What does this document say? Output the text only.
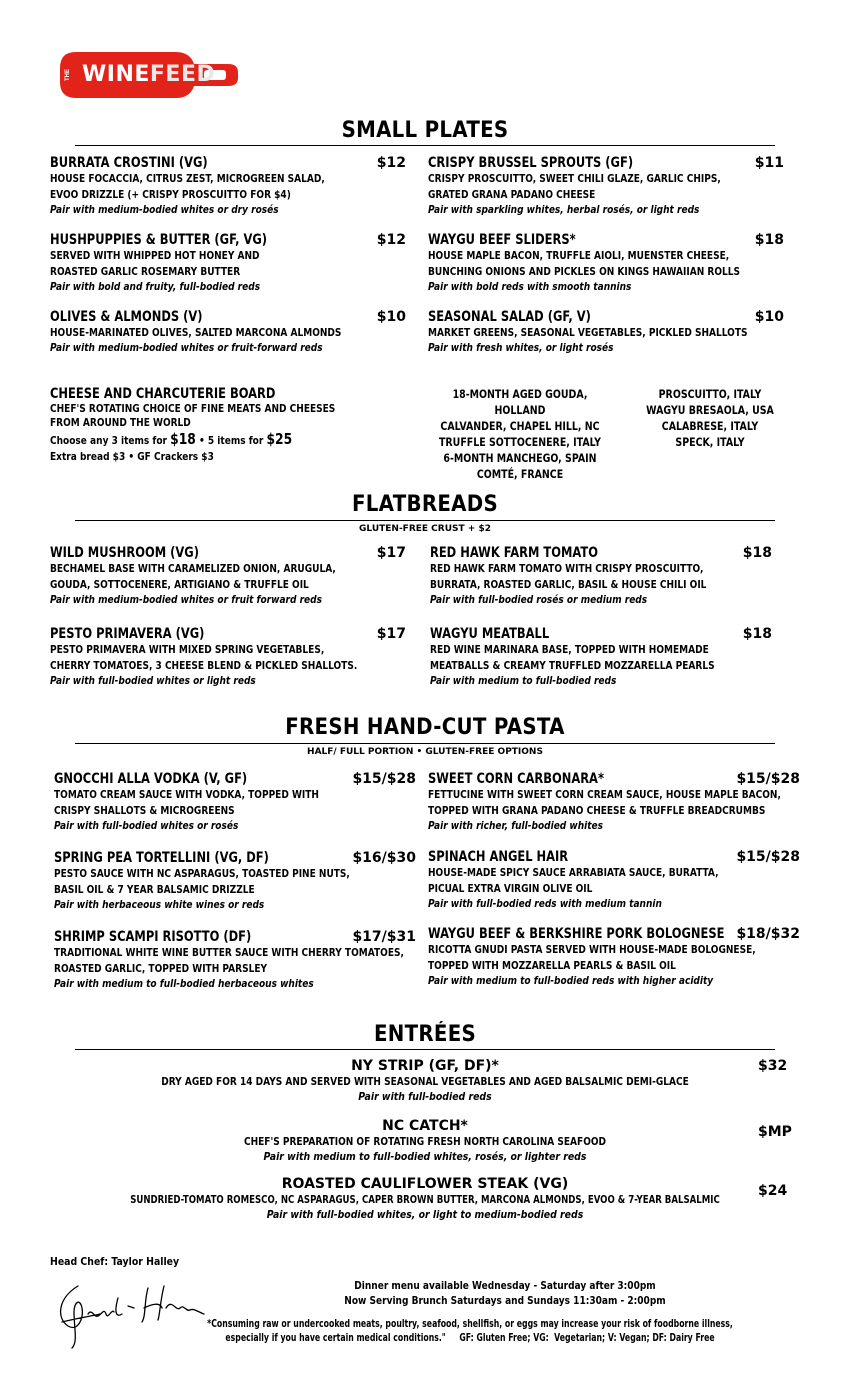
THE WINEFEED
SMALL PLATES
BURRATA CROSTINI (VG)	$12
HOUSE FOCACCIA, CITRUS ZEST, MICROGREEN SALAD,
EVOO DRIZZLE (+ CRISPY PROSCUITTO FOR $4)
Pair with medium-bodied whites or dry rosés
CRISPY BRUSSEL SPROUTS (GF)	$11
CRISPY PROSCUITTO, SWEET CHILI GLAZE, GARLIC CHIPS,
GRATED GRANA PADANO CHEESE
Pair with sparkling whites, herbal rosés, or light reds
HUSHPUPPIES & BUTTER (GF, VG)	$12
SERVED WITH WHIPPED HOT HONEY AND
ROASTED GARLIC ROSEMARY BUTTER
Pair with bold and fruity, full-bodied reds
WAYGU BEEF SLIDERS*	$18
HOUSE MAPLE BACON, TRUFFLE AIOLI, MUENSTER CHEESE,
BUNCHING ONIONS AND PICKLES ON KINGS HAWAIIAN ROLLS
Pair with bold reds with smooth tannins
OLIVES & ALMONDS (V)	$10
HOUSE-MARINATED OLIVES, SALTED MARCONA ALMONDS
Pair with medium-bodied whites or fruit-forward reds
SEASONAL SALAD (GF, V)	$10
MARKET GREENS, SEASONAL VEGETABLES, PICKLED SHALLOTS
Pair with fresh whites, or light rosés
CHEESE AND CHARCUTERIE BOARD
CHEF'S ROTATING CHOICE OF FINE MEATS AND CHEESES
FROM AROUND THE WORLD
Choose any 3 items for $18 • 5 items for $25
Extra bread $3 • GF Crackers $3
18-MONTH AGED GOUDA, HOLLAND
CALVANDER, CHAPEL HILL, NC
TRUFFLE SOTTOCENERE, ITALY
6-MONTH MANCHEGO, SPAIN
COMTÉ, FRANCE
PROSCUITTO, ITALY
WAGYU BRESAOLA, USA
CALABRESE, ITALY
SPECK, ITALY
FLATBREADS
GLUTEN-FREE CRUST + $2
WILD MUSHROOM (VG)	$17
BECHAMEL BASE WITH CARAMELIZED ONION, ARUGULA,
GOUDA, SOTTOCENERE, ARTIGIANO & TRUFFLE OIL
Pair with medium-bodied whites or fruit forward reds
RED HAWK FARM TOMATO	$18
RED HAWK FARM TOMATO WITH CRISPY PROSCUITTO,
BURRATA, ROASTED GARLIC, BASIL & HOUSE CHILI OIL
Pair with full-bodied rosés or medium reds
PESTO PRIMAVERA (VG)	$17
PESTO PRIMAVERA WITH MIXED SPRING VEGETABLES,
CHERRY TOMATOES, 3 CHEESE BLEND & PICKLED SHALLOTS.
Pair with full-bodied whites or light reds
WAGYU MEATBALL	$18
RED WINE MARINARA BASE, TOPPED WITH HOMEMADE
MEATBALLS & CREAMY TRUFFLED MOZZARELLA PEARLS
Pair with medium to full-bodied reds
FRESH HAND-CUT PASTA
HALF/ FULL PORTION • GLUTEN-FREE OPTIONS
GNOCCHI ALLA VODKA (V, GF)	$15/$28
TOMATO CREAM SAUCE WITH VODKA, TOPPED WITH
CRISPY SHALLOTS & MICROGREENS
Pair with full-bodied whites or rosés
SWEET CORN CARBONARA*	$15/$28
FETTUCINE WITH SWEET CORN CREAM SAUCE, HOUSE MAPLE BACON,
TOPPED WITH GRANA PADANO CHEESE & TRUFFLE BREADCRUMBS
Pair with richer, full-bodied whites
SPRING PEA TORTELLINI (VG, DF)	$16/$30
PESTO SAUCE WITH NC ASPARAGUS, TOASTED PINE NUTS,
BASIL OIL & 7 YEAR BALSAMIC DRIZZLE
Pair with herbaceous white wines or reds
SPINACH ANGEL HAIR	$15/$28
HOUSE-MADE SPICY SAUCE ARRABIATA SAUCE, BURATTA,
PICUAL EXTRA VIRGIN OLIVE OIL
Pair with full-bodied reds with medium tannin
SHRIMP SCAMPI RISOTTO (DF)	$17/$31
TRADITIONAL WHITE WINE BUTTER SAUCE WITH CHERRY TOMATOES,
ROASTED GARLIC, TOPPED WITH PARSLEY
Pair with medium to full-bodied herbaceous whites
WAYGU BEEF & BERKSHIRE PORK BOLOGNESE $18/$32
RICOTTA GNUDI PASTA SERVED WITH HOUSE-MADE BOLOGNESE,
TOPPED WITH MOZZARELLA PEARLS & BASIL OIL
Pair with medium to full-bodied reds with higher acidity
ENTRÉES
NY STRIP (GF, DF)*
DRY AGED FOR 14 DAYS AND SERVED WITH SEASONAL VEGETABLES AND AGED BALSALMIC DEMI-GLACE
Pair with full-bodied reds
$32
NC CATCH*
CHEF'S PREPARATION OF ROTATING FRESH NORTH CAROLINA SEAFOOD
Pair with medium to full-bodied whites, rosés, or lighter reds
$MP
ROASTED CAULIFLOWER STEAK (VG)
SUNDRIED-TOMATO ROMESCO, NC ASPARAGUS, CAPER BROWN BUTTER, MARCONA ALMONDS, EVOO & 7-YEAR BALSALMIC
Pair with full-bodied whites, or light to medium-bodied reds
$24
Head Chef: Taylor Halley
Dinner menu available Wednesday - Saturday after 3:00pm
Now Serving Brunch Saturdays and Sundays 11:30am - 2:00pm
*Consuming raw or undercooked meats, poultry, seafood, shellfish, or eggs may increase your risk of foodborne illness,
especially if you have certain medical conditions."     GF: Gluten Free; VG:  Vegetarian; V: Vegan; DF: Dairy Free
